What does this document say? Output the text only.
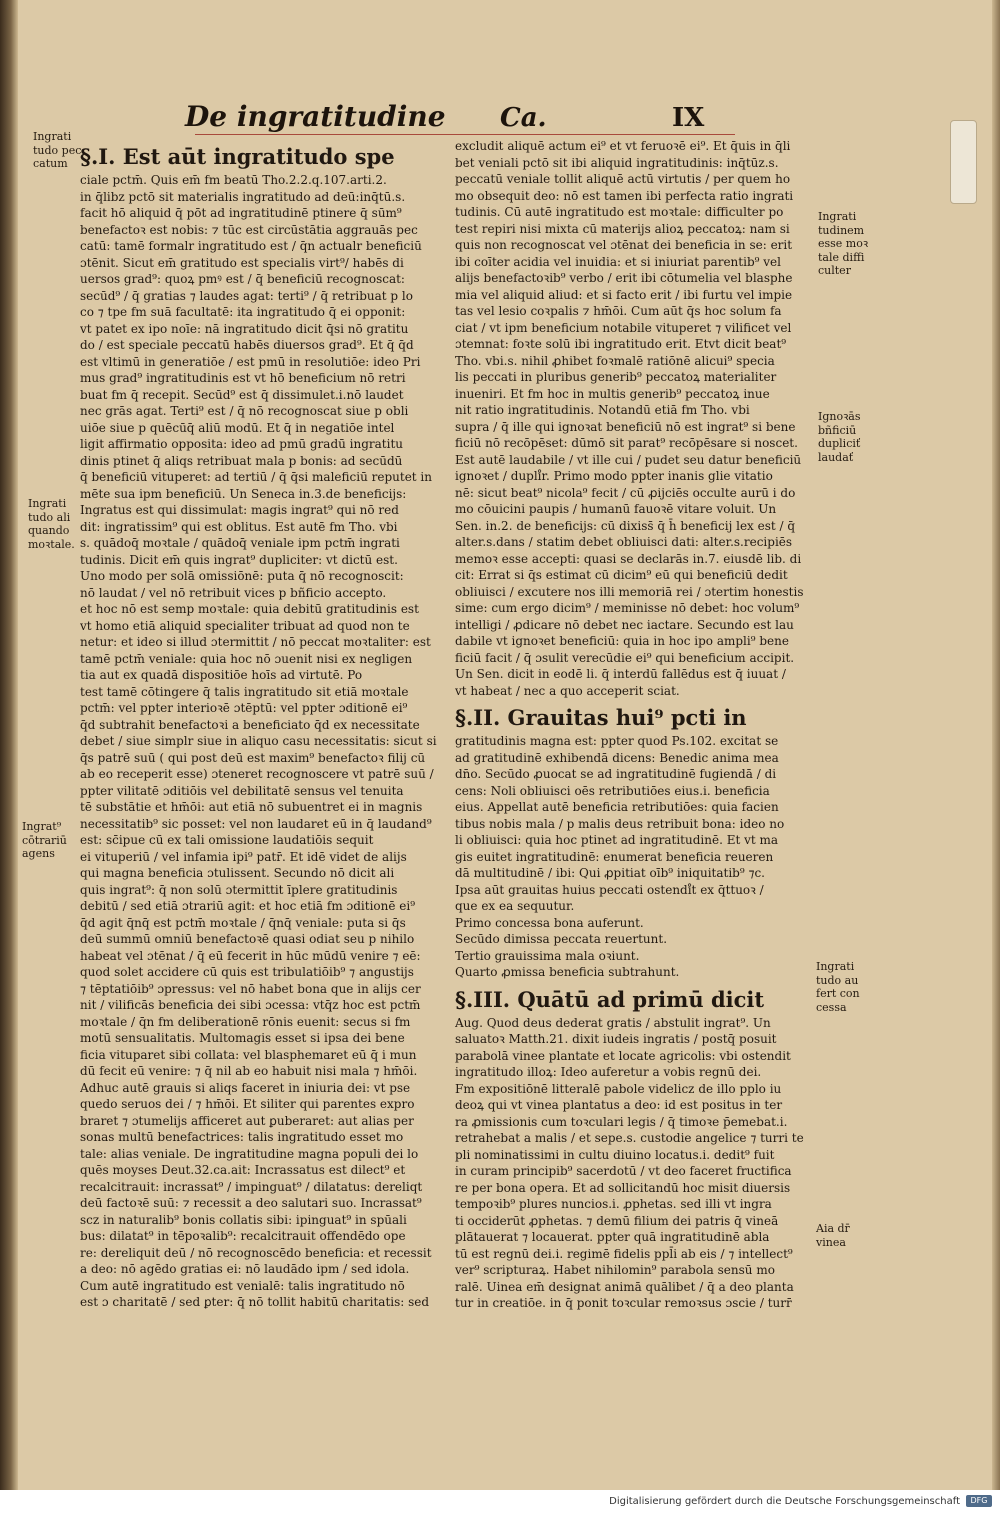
De ingratitudine Ca.	IX
§.I. Est aūt ingratitudo spe
ciale pctm̄. Quis em̄ fm beatū Tho.2.2.q.107.arti.2.
in q̄libz pctō sit materialis ingratitudo ad deū:inq̄tū.s.
facit hō aliquid q̄ pōt ad ingratitudinē ptinere q̄ sūm⁹
benefactoꝛ est nobis: ⁊ tūc est circūstātia aggrauās pec
catū: tamē formalr ingratitudo est / q̄n actualr beneficiū
ɔtēnit. Sicut em̄ gratitudo est specialis virt⁹/ habēs di
uersos grad⁹: quoꝝ pmꝰ est / q̄ beneficiū recognoscat:
secūd⁹ / q̄ gratias ⁊ laudes agat: terti⁹ / q̄ retribuat p lo
co ⁊ tpe fm suā facultatē: ita ingratitudo q̄ ei opponit:
vt patet ex ipo noīe: nā ingratitudo dicit q̄si nō gratitu
do / est speciale peccatū habēs diuersos grad⁹. Et q̄ q̄d
est vltimū in generatiōe / est pmū in resolutiōe: ideo Pri
mus grad⁹ ingratitudinis est vt hō beneficium nō retri
buat fm q̄ recepit. Secūd⁹ est q̄ dissimulet.i.nō laudet
nec grās agat. Terti⁹ est / q̄ nō recognoscat siue p obli
uiōe siue p quēcūq̄ aliū modū. Et q̄ in negatiōe intel
ligit affirmatio opposita: ideo ad pmū gradū ingratitu
dinis ptinet q̄ aliqs retribuat mala p bonis: ad secūdū
q̄ beneficiū vituperet: ad tertiū / q̄ q̄si maleficiū reputet in
mēte sua ipm beneficiū. Un Seneca in.3.de beneficijs:
Ingratus est qui dissimulat: magis ingrat⁹ qui nō red
dit: ingratissim⁹ qui est oblitus. Est autē fm Tho. vbi
s. quādoq̄ moꝛtale / quādoq̄ veniale ipm pctm̄ ingrati
tudinis. Dicit em̄ quis ingrat⁹ dupliciter: vt dictū est.
Uno modo per solā omissiōnē: puta q̄ nō recognoscit:
nō laudat / vel nō retribuit vices p bñficio accepto.
et hoc nō est semp moꝛtale: quia debitū gratitudinis est
vt homo etiā aliquid specialiter tribuat ad quod non te
netur: et ideo si illud ɔtermittit / nō peccat moꝛtaliter: est
tamē pctm̄ veniale: quia hoc nō ɔuenit nisi ex negligen
tia aut ex quadā dispositiōe hoīs ad virtutē. Po
test tamē cōtingere q̄ talis ingratitudo sit etiā moꝛtale
pctm̄: vel ppter interioꝛē ɔtēptū: vel ppter ɔditionē ei⁹
q̄d subtrahit benefactoꝛi a beneficiato q̄d ex necessitate
debet / siue simplr siue in aliquo casu necessitatis: sicut si
q̄s patrē suū ( qui post deū est maxim⁹ benefactoꝛ filij cū
ab eo receperit esse) ɔteneret recognoscere vt patrē suū /
ppter vilitatē ɔditiōis vel debilitatē sensus vel tenuita
tē substātie et hm̄ōi: aut etiā nō subuentret ei in magnis
necessitatib⁹ sic posset: vel non laudaret eū in q̄ laudand⁹
est: sc̄ipue cū ex tali omissione laudatiōis sequit
ei vituperiū / vel infamia ipi⁹ patr̄. Et idē videt de alijs
qui magna beneficia ɔtulissent. Secundo nō dicit ali
quis ingrat⁹: q̄ non solū ɔtermittit īplere gratitudinis
debitū / sed etiā ɔtrariū agit: et hoc etiā fm ɔditionē ei⁹
q̄d agit q̄nq̄ est pctm̄ moꝛtale / q̄nq̄ veniale: puta si q̄s
deū summū omniū benefactoꝛē quasi odiat seu p nihilo
habeat vel ɔtēnat / q̄ eū fecerit in hūc mūdū venire ⁊ eē:
quod solet accidere cū quis est tribulatiōib⁹ ⁊ angustijs
⁊ tēptatiōib⁹ ɔpressus: vel nō habet bona que in alijs cer
nit / vilificās beneficia dei sibi ɔcessa: vtq̄z hoc est pctm̄
moꝛtale / q̄n fm deliberationē rōnis euenit: secus si fm
motū sensualitatis. Multomagis esset si ipsa dei bene
ficia vituparet sibi collata: vel blasphemaret eū q̄ i mun
dū fecit eū venire: ⁊ q̄ nil ab eo habuit nisi mala ⁊ hm̄ōi.
Adhuc autē grauis si aliqs faceret in iniuria dei: vt pse
quedo seruos dei / ⁊ hm̄ōi. Et siliter qui parentes expro
braret ⁊ ɔtumelijs afficeret aut ꝑuberaret: aut alias per
sonas multū benefactrices: talis ingratitudo esset mo
tale: alias veniale. De ingratitudine magna populi dei lo
quēs moyses Deut.32.ca.ait: Incrassatus est dilect⁹ et
recalcitrauit: incrassat⁹ / impinguat⁹ / dilatatus: dereliqt
deū factoꝛē suū: ⁊ recessit a deo salutari suo. Incrassat⁹
scz in naturalib⁹ bonis collatis sibi: ipinguat⁹ in spūali
bus: dilatat⁹ in tēpoꝛalib⁹: recalcitrauit offendēdo ope
re: dereliquit deū / nō recognoscēdo beneficia: et recessit
a deo: nō agēdo gratias ei: nō laudādo ipm / sed idola.
Cum autē ingratitudo est venialē: talis ingratitudo nō
est ɔ charitatē / sed ꝑter: q̄ nō tollit habitū charitatis: sed
excludit aliquē actum ei⁹ et vt feruoꝛē ei⁹. Et q̄uis in q̄li
bet veniali pctō sit ibi aliquid ingratitudinis: inq̄tūz.s.
peccatū veniale tollit aliquē actū virtutis / per quem ho
mo obsequit deo: nō est tamen ibi perfecta ratio ingrati
tudinis. Cū autē ingratitudo est moꝛtale: difficulter po
test repiri nisi mixta cū materijs alioꝝ peccatoꝝ: nam si
quis non recognoscat vel ɔtēnat dei beneficia in se: erit
ibi coīter acidia vel inuidia: et si iniuriat parentib⁹ vel
alijs benefactoꝛib⁹ verbo / erit ibi cōtumelia vel blasphe
mia vel aliquid aliud: et si facto erit / ibi furtu vel impie
tas vel lesio coꝛpalis ⁊ hm̄ōi. Cum aūt q̄s hoc solum fa
ciat / vt ipm beneficium notabile vituperet ⁊ vilificet vel
ɔtemnat: foꝛte solū ibi ingratitudo erit. Etvt dicit beat⁹
Tho. vbi.s. nihil ꝓhibet foꝛmalē ratiōnē alicui⁹ specia
lis peccati in pluribus generib⁹ peccatoꝝ materialiter
inueniri. Et fm hoc in multis generib⁹ peccatoꝝ inue
nit ratio ingratitudinis. Notandū etiā fm Tho. vbi
supra / q̄ ille qui ignoꝛat beneficiū nō est ingrat⁹ si bene
ficiū nō recōpēset: dūmō sit parat⁹ recōpēsare si noscet.
Est autē laudabile / vt ille cui / pudet seu datur beneficiū
ignoꝛet / dupli̊r. Primo modo ppter inanis glie vitatio
nē: sicut beat⁹ nicola⁹ fecit / cū ꝓijciēs occulte aurū i do
mo cōuicini paupis / humanū fauoꝛē vitare voluit. Un
Sen. in.2. de beneficijs: cū dixiss̄ q̄ h̄ beneficij lex est / q̄
alter.s.dans / statim debet obliuisci dati: alter.s.recipiēs
memoꝛ esse accepti: quasi se declarās in.7. eiusdē lib. di
cit: Errat si q̄s estimat cū dicim⁹ eū qui beneficiū dedit
obliuisci / excutere nos illi memoriā rei / ɔtertim honestis
sime: cum ergo dicim⁹ / meminisse nō debet: hoc volum⁹
intelligi / ꝓdicare nō debet nec iactare. Secundo est lau
dabile vt ignoꝛet beneficiū: quia in hoc ipo ampli⁹ bene
ficiū facit / q̄ ɔsulit verecūdie ei⁹ qui beneficium accipit.
Un Sen. dicit in eodē li. q̄ interdū fallēdus est q̄ iuuat /
vt habeat / nec a quo acceperit sciat.
§.II. Grauitas hui⁹ pcti in
gratitudinis magna est: ppter quod Ps.102. excitat se
ad gratitudinē exhibendā dicens: Benedic anima mea
dn̄o. Secūdo ꝓuocat se ad ingratitudinē fugiendā / di
cens: Noli obliuisci oēs retributiōes eius.i. beneficia
eius. Appellat autē beneficia retributiōes: quia facien
tibus nobis mala / p malis deus retribuit bona: ideo no
li obliuisci: quia hoc ptinet ad ingratitudinē. Et vt ma
gis euitet ingratitudinē: enumerat beneficia reueren
dā multitudinē / ibi: Qui ꝓpitiat oīb⁹ iniquitatib⁹ ⁊c.
Ipsa aūt grauitas huius peccati ostendi̊t ex q̄ttuoꝛ /
que ex ea sequutur.
Primo concessa bona auferunt.
Secūdo dimissa peccata reuertunt.
Tertio grauissima mala oꝛiunt.
Quarto ꝓmissa beneficia subtrahunt.
§.III. Quātū ad primū dicit
Aug. Quod deus dederat gratis / abstulit ingrat⁹. Un
saluatoꝛ Matth.21. dixit iudeis ingratis / postq̄ posuit
parabolā vinee plantate et locate agricolis: vbi ostendit
ingratitudo illoꝝ: Ideo auferetur a vobis regnū dei.
Fm expositiōnē litteralē pabole videlicz de illo pplo iu
deoꝝ qui vt vinea plantatus a deo: id est positus in ter
ra ꝓmissionis cum toꝛculari legis / q̄ timoꝛe p̄emebat.i.
retrahebat a malis / et sepe.s. custodie angelice ⁊ turri te
pli nominatissimi in cultu diuino locatus.i. dedit⁹ fuit
in curam principib⁹ sacerdotū / vt deo faceret fructifica
re per bona opera. Et ad sollicitandū hoc misit diuersis
tempoꝛib⁹ plures nuncios.i. ꝓphetas. sed illi vt ingra
ti occiderūt ꝓphetas. ⁊ demū filium dei patris q̄ vineā
plātauerat ⁊ locauerat. ppter quā ingratitudinē abla
tū est regnū dei.i. regimē fidelis ppl̄i ab eis / ⁊ intellect⁹
ver⁹ scripturaꝝ. Habet nihilomin⁹ parabola sensū mo
ralē. Uinea em̄ designat animā quālibet / q̄ a deo planta
tur in creatiōe. in q̄ ponit toꝛcular remoꝛsus ɔscie / turr̄
Ingrati
tudo pec
catum
Ingrati
tudo ali
quando
moꝛtale.
Ingrat⁹
cōtrariū
agens
Ingrati
tudinem
esse moꝛ
tale diffi
culter
Ignoꝛās
bñficiū
dupliciť
laudať
Ingrati
tudo au
fert con
cessa
Aia dr̄
vinea
Digitalisierung gefördert durch die Deutsche Forschungsgemeinschaft	DFG
